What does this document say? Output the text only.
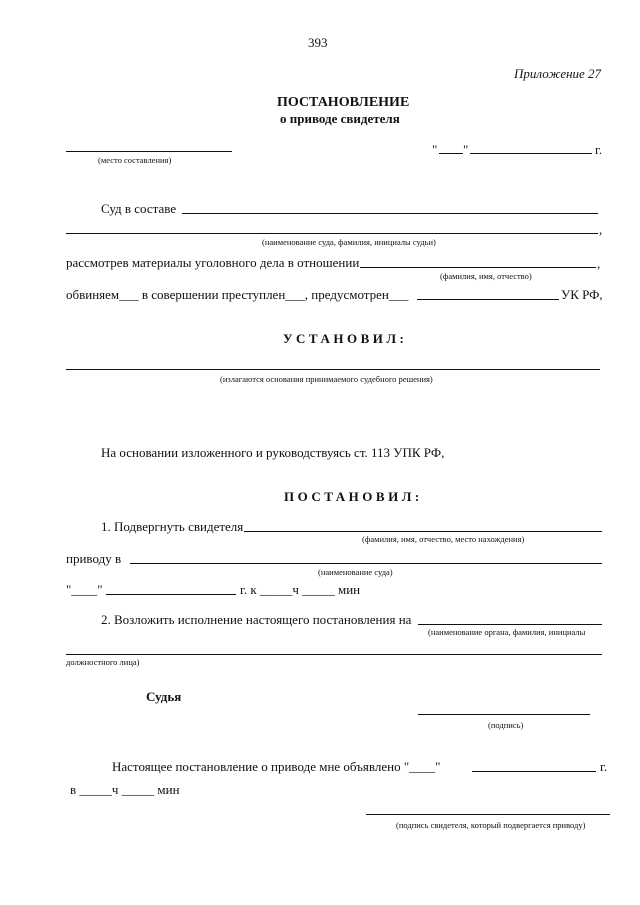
393
Приложение 27
ПОСТАНОВЛЕНИЕ
о приводе свидетеля
(место составления)
" "	г.
Суд в составе
,
(наименование суда, фамилия, инициалы судьи)
рассмотрев материалы уголовного дела в отношении	,
(фамилия, имя, отчество)
обвиняем___ в совершении преступлен___, предусмотрен___	УК РФ,
УСТАНОВИЛ:
(излагаются основания принимаемого судебного решения)
На основании изложенного и руководствуясь ст. 113 УПК РФ,
ПОСТАНОВИЛ:
1. Подвергнуть свидетеля
(фамилия, имя, отчество, место нахождения)
приводу в
(наименование суда)
"____"	г. к _____ч _____ мин
2. Возложить исполнение настоящего постановления на
(наименование органа, фамилия, инициалы
должностного лица)
Судья
(подпись)
Настоящее постановление о приводе мне объявлено "____"	г.
в _____ч _____ мин
(подпись свидетеля, который подвергается приводу)
